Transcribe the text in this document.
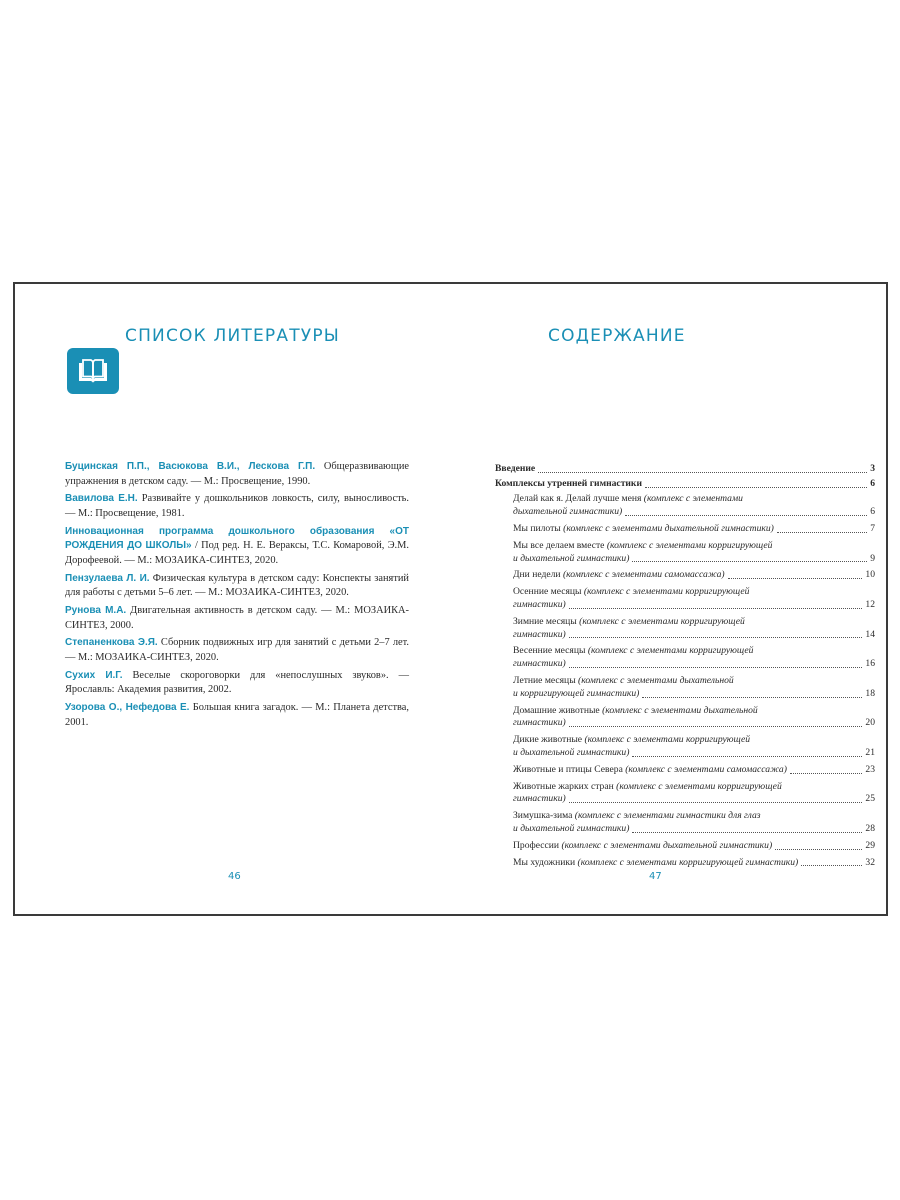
СПИСОК ЛИТЕРАТУРЫ
Буцинская П.П., Васюкова В.И., Лескова Г.П. Общеразвивающие упражнения в детском саду. — М.: Просвещение, 1990.
Вавилова Е.Н. Развивайте у дошкольников ловкость, силу, выносливость. — М.: Просвещение, 1981.
Инновационная программа дошкольного образования «ОТ РОЖДЕНИЯ ДО ШКОЛЫ» / Под ред. Н. Е. Вераксы, Т.С. Комаровой, Э.М. Дорофеевой. — М.: МОЗАИКА-СИНТЕЗ, 2020.
Пензулаева Л. И. Физическая культура в детском саду: Конспекты занятий для работы с детьми 5–6 лет. — М.: МОЗАИКА-СИНТЕЗ, 2020.
Рунова М.А. Двигательная активность в детском саду. — М.: МОЗАИКА-СИНТЕЗ, 2000.
Степаненкова Э.Я. Сборник подвижных игр для занятий с детьми 2–7 лет. — М.: МОЗАИКА-СИНТЕЗ, 2020.
Сухих И.Г. Веселые скороговорки для «непослушных звуков». — Ярославль: Академия развития, 2002.
Узорова О., Нефедова Е. Большая книга загадок. — М.: Планета детства, 2001.
46
СОДЕРЖАНИЕ
Введение	3
Комплексы утренней гимнастики	6
Делай как я. Делай лучше меня (комплекс с элементами
дыхательной гимнастики)	6
Мы пилоты (комплекс с элементами дыхательной гимнастики)	7
Мы все делаем вместе (комплекс с элементами корригирующей
и дыхательной гимнастики)	9
Дни недели (комплекс с элементами самомассажа)	10
Осенние месяцы (комплекс с элементами корригирующей
гимнастики)	12
Зимние месяцы (комплекс с элементами корригирующей
гимнастики)	14
Весенние месяцы (комплекс с элементами корригирующей
гимнастики)	16
Летние месяцы (комплекс с элементами дыхательной
и корригирующей гимнастики)	18
Домашние животные (комплекс с элементами дыхательной
гимнастики)	20
Дикие животные (комплекс с элементами корригирующей
и дыхательной гимнастики)	21
Животные и птицы Севера (комплекс с элементами самомассажа)	23
Животные жарких стран (комплекс с элементами корригирующей
гимнастики)	25
Зимушка-зима (комплекс с элементами гимнастики для глаз
и дыхательной гимнастики)	28
Профессии (комплекс с элементами дыхательной гимнастики)	29
Мы художники (комплекс с элементами корригирующей гимнастики)	32
47
